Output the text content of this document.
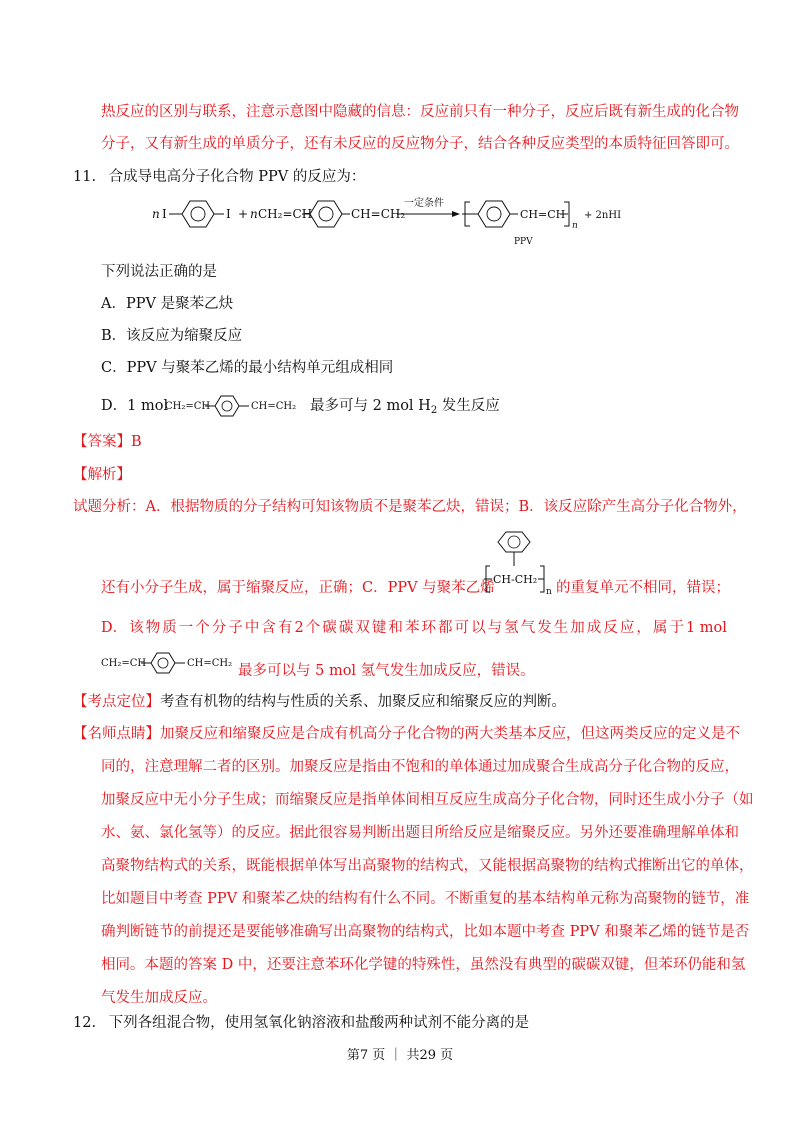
热反应的区别与联系，注意示意图中隐藏的信息：反应前只有一种分子，反应后既有新生成的化合物
分子，又有新生成的单质分子，还有未反应的反应物分子，结合各种反应类型的本质特征回答即可。
11. 合成导电高分子化合物 PPV 的反应为：
n I	I + n CH₂=CH	CH=CH₂
一定条件
CH=CH
n
+ 2nHI
PPV
下列说法正确的是
A．PPV 是聚苯乙炔
B．该反应为缩聚反应
C．PPV 与聚苯乙烯的最小结构单元组成相同
D．1 mol
CH₂=CH	CH=CH₂ 最多可与 2 mol $H_2$ 发生反应
【答案】B
【解析】
试题分析：A． 根据物质的分子结构可知该物质不是聚苯乙炔， 错误； B． 该反应除产生高分子化合物外，
还有小分子生成，属于缩聚反应，正确；C．PPV 与聚苯乙烯
CH-CH₂
n 的重复单元不相同，错误；
D． 该 物 质 一 个 分 子 中 含 有 2 个 碳 碳 双 键 和 苯 环 都 可 以 与 氢 气 发 生 加 成 反 应 ， 属 于 1 mol
CH₂=CH	CH=CH₂ 最多可以与 5 mol 氢气发生加成反应，错误。
【考点定位】考查有机物的结构与性质的关系、加聚反应和缩聚反应的判断。
【名师点睛】加聚反应和缩聚反应是合成有机高分子化合物的两大类基本反应，但这两类反应的定义是不
同的，注意理解二者的区别。加聚反应是指由不饱和的单体通过加成聚合生成高分子化合物的反应，
加聚反应中无小分子生成；而缩聚反应是指单体间相互反应生成高分子化合物，同时还生成小分子（如
水、氨、氯化氢等）的反应。据此很容易判断出题目所给反应是缩聚反应。另外还要准确理解单体和
高聚物结构式的关系，既能根据单体写出高聚物的结构式，又能根据高聚物的结构式推断出它的单体，
比如题目中考查 PPV 和聚苯乙炔的结构有什么不同。不断重复的基本结构单元称为高聚物的链节，准
确判断链节的前提还是要能够准确写出高聚物的结构式，比如本题中考查 PPV 和聚苯乙烯的链节是否
相同。本题的答案 D 中，还要注意苯环化学键的特殊性，虽然没有典型的碳碳双键，但苯环仍能和氢
气发生加成反应。
12. 下列各组混合物，使用氢氧化钠溶液和盐酸两种试剂不能分离的是
第7 页 ｜ 共29 页
